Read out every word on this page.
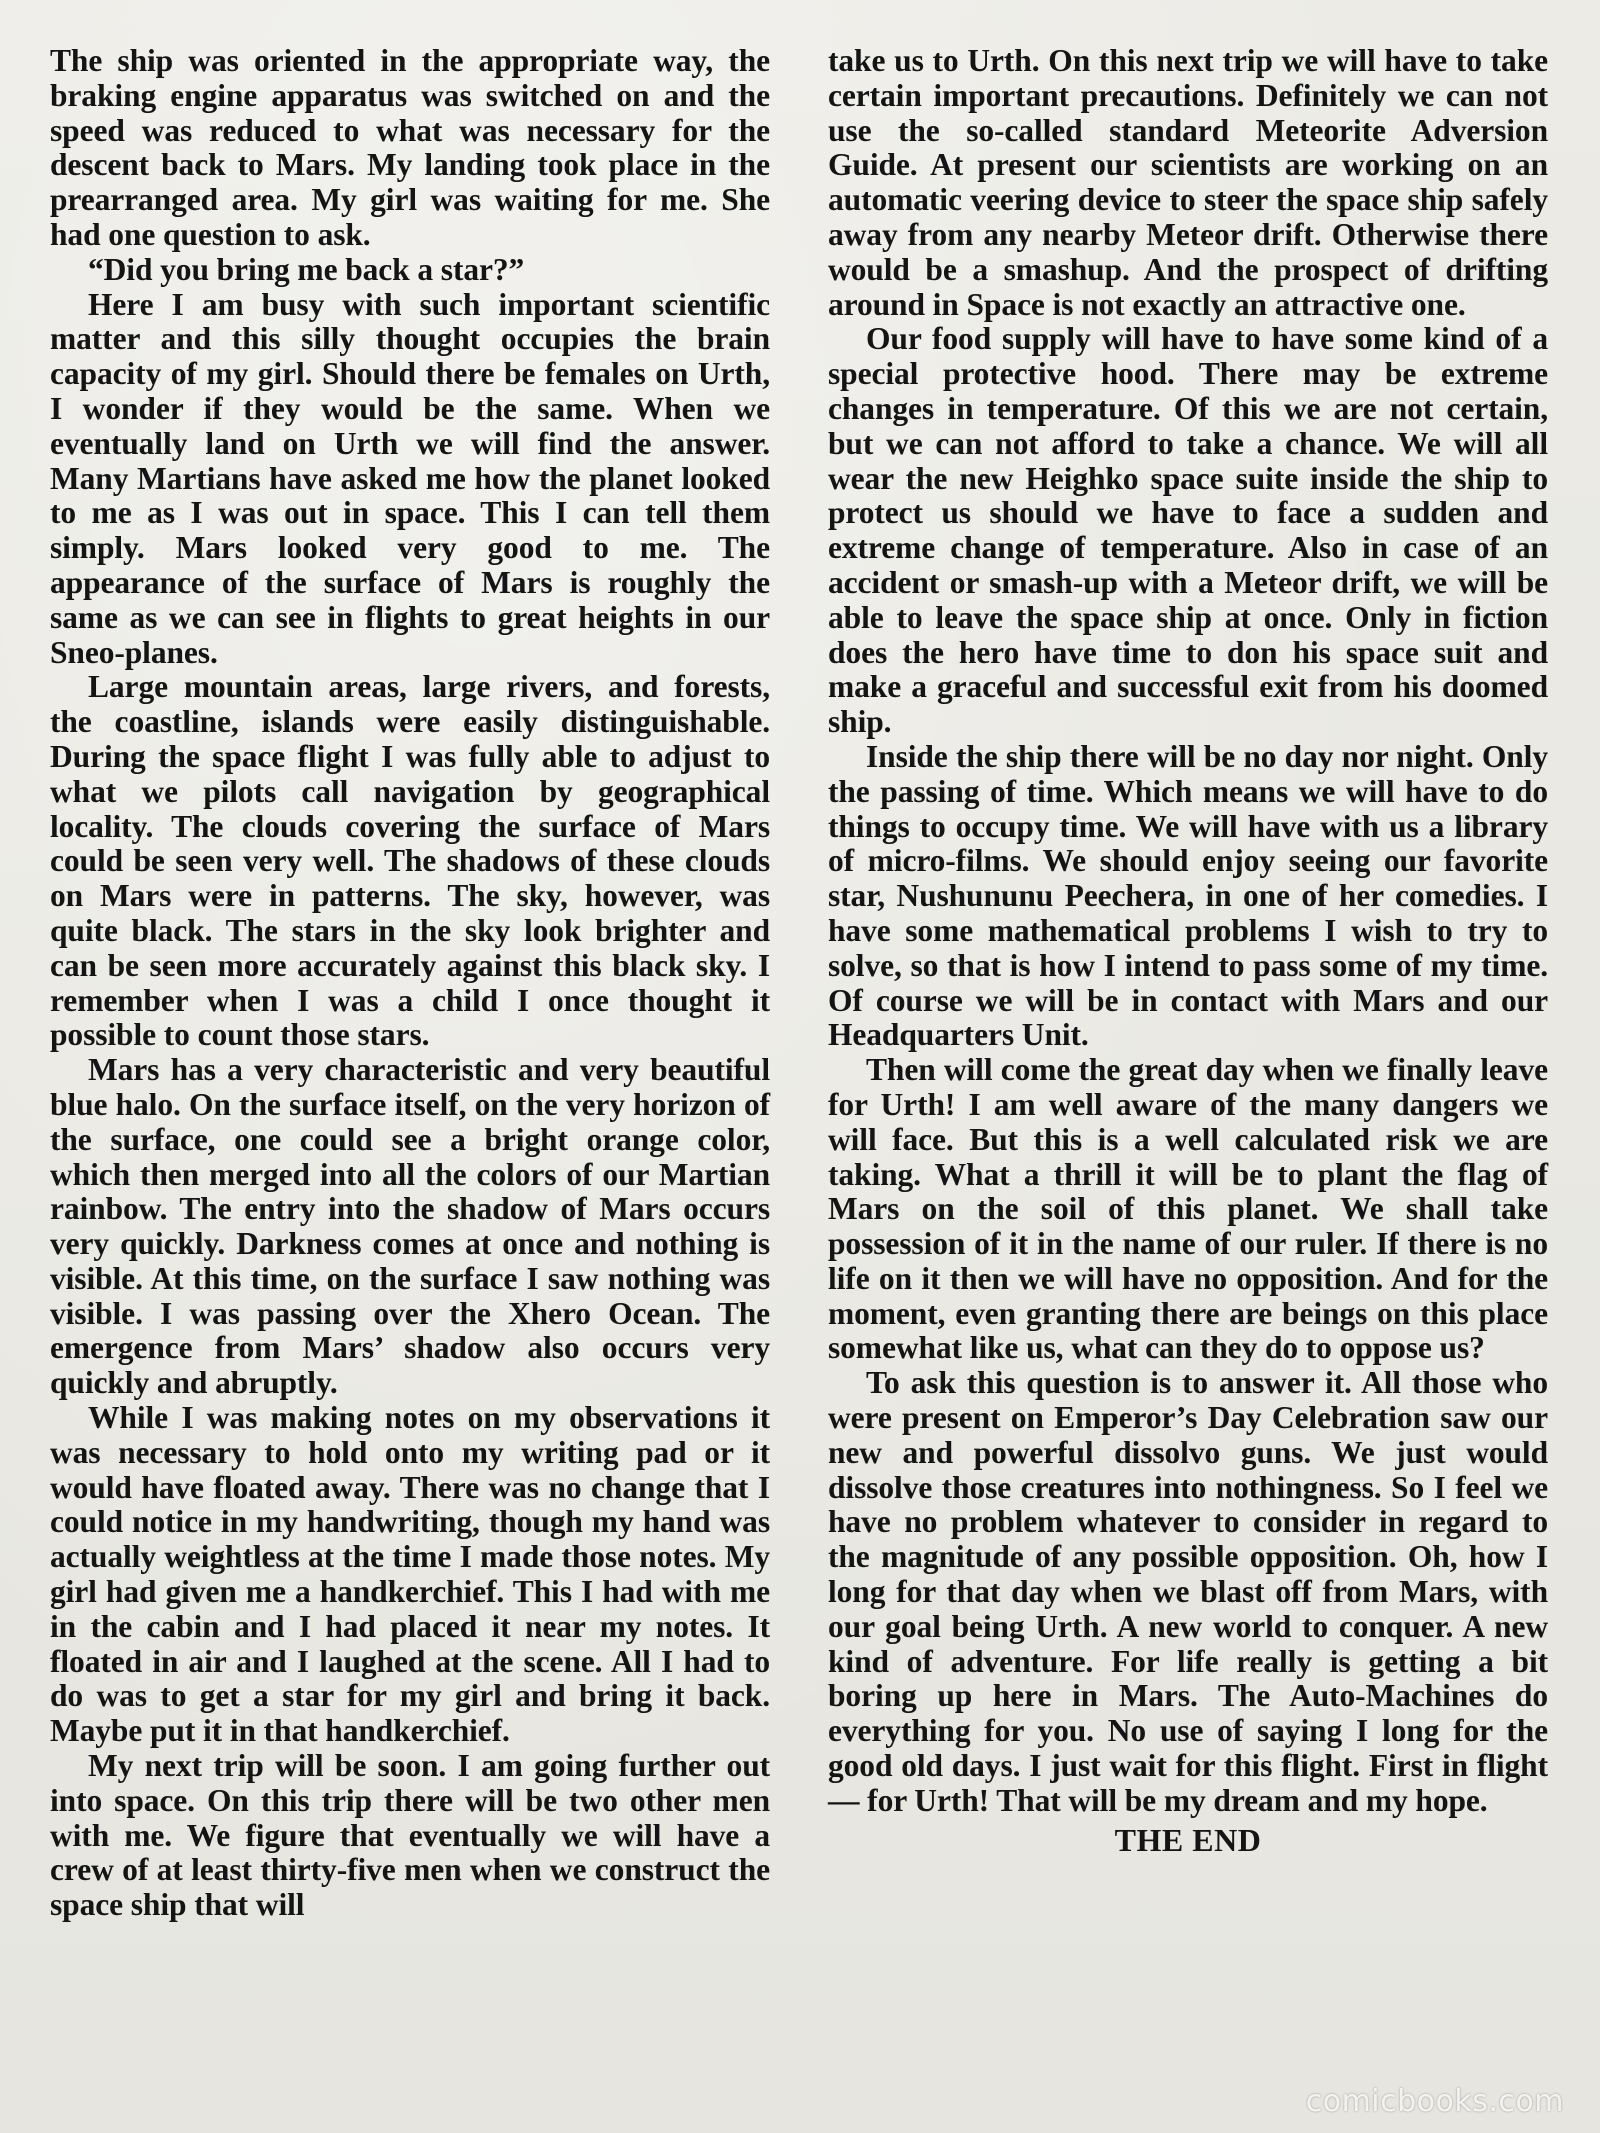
The ship was oriented in the appropriate way, the braking engine apparatus was switched on and the speed was reduced to what was necessary for the descent back to Mars. My landing took place in the prearranged area. My girl was waiting for me. She had one question to ask.

“Did you bring me back a star?”

Here I am busy with such important scientific matter and this silly thought occupies the brain capacity of my girl. Should there be females on Urth, I wonder if they would be the same. When we eventually land on Urth we will find the answer. Many Martians have asked me how the planet looked to me as I was out in space. This I can tell them simply. Mars looked very good to me. The appearance of the surface of Mars is roughly the same as we can see in flights to great heights in our Sneo-planes.

Large mountain areas, large rivers, and forests, the coastline, islands were easily distinguishable. During the space flight I was fully able to adjust to what we pilots call navigation by geographical locality. The clouds covering the surface of Mars could be seen very well. The shadows of these clouds on Mars were in patterns. The sky, however, was quite black. The stars in the sky look brighter and can be seen more accurately against this black sky. I remember when I was a child I once thought it possible to count those stars.

Mars has a very characteristic and very beautiful blue halo. On the surface itself, on the very horizon of the surface, one could see a bright orange color, which then merged into all the colors of our Martian rainbow. The entry into the shadow of Mars occurs very quickly. Darkness comes at once and nothing is visible. At this time, on the surface I saw nothing was visible. I was passing over the Xhero Ocean. The emergence from Mars’ shadow also occurs very quickly and abruptly.

While I was making notes on my observations it was necessary to hold onto my writing pad or it would have floated away. There was no change that I could notice in my handwriting, though my hand was actually weightless at the time I made those notes. My girl had given me a handkerchief. This I had with me in the cabin and I had placed it near my notes. It floated in air and I laughed at the scene. All I had to do was to get a star for my girl and bring it back. Maybe put it in that handkerchief.

My next trip will be soon. I am going further out into space. On this trip there will be two other men with me. We figure that eventually we will have a crew of at least thirty-five men when we construct the space ship that will

take us to Urth. On this next trip we will have to take certain important precautions. Definitely we can not use the so-called standard Meteorite Adversion Guide. At present our scientists are working on an automatic veering device to steer the space ship safely away from any nearby Meteor drift. Otherwise there would be a smashup. And the prospect of drifting around in Space is not exactly an attractive one.

Our food supply will have to have some kind of a special protective hood. There may be extreme changes in temperature. Of this we are not certain, but we can not afford to take a chance. We will all wear the new Heighko space suite inside the ship to protect us should we have to face a sudden and extreme change of temperature. Also in case of an accident or smash-up with a Meteor drift, we will be able to leave the space ship at once. Only in fiction does the hero have time to don his space suit and make a graceful and successful exit from his doomed ship.

Inside the ship there will be no day nor night. Only the passing of time. Which means we will have to do things to occupy time. We will have with us a library of micro-films. We should enjoy seeing our favorite star, Nushununu Peechera, in one of her comedies. I have some mathematical problems I wish to try to solve, so that is how I intend to pass some of my time. Of course we will be in contact with Mars and our Headquarters Unit.

Then will come the great day when we finally leave for Urth! I am well aware of the many dangers we will face. But this is a well calculated risk we are taking. What a thrill it will be to plant the flag of Mars on the soil of this planet. We shall take possession of it in the name of our ruler. If there is no life on it then we will have no opposition. And for the moment, even granting there are beings on this place somewhat like us, what can they do to oppose us?

To ask this question is to answer it. All those who were present on Emperor’s Day Celebration saw our new and powerful dissolvo guns. We just would dissolve those creatures into nothingness. So I feel we have no problem whatever to consider in regard to the magnitude of any possible opposition. Oh, how I long for that day when we blast off from Mars, with our goal being Urth. A new world to conquer. A new kind of adventure. For life really is getting a bit boring up here in Mars. The Auto-Machines do everything for you. No use of saying I long for the good old days. I just wait for this flight. First in flight — for Urth! That will be my dream and my hope.

THE END
comicbooks.com
